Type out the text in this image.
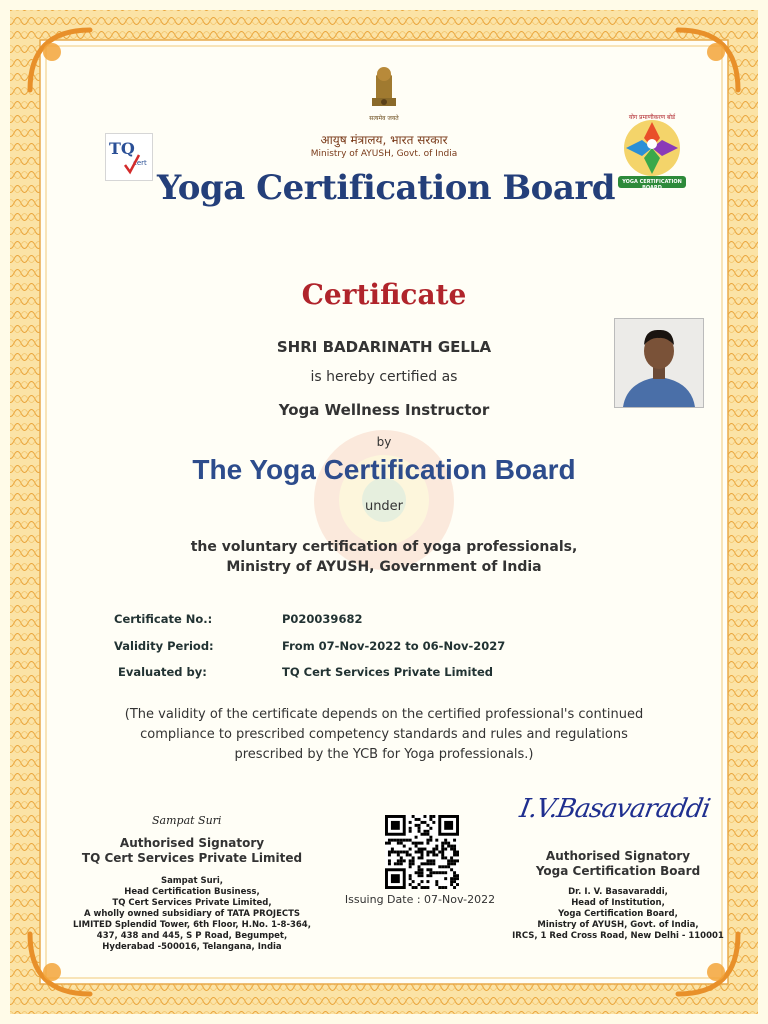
सत्यमेव जयते
आयुष मंत्रालय, भारत सरकार
Ministry of AYUSH, Govt. of India
TQ
cert
योग प्रमाणीकरण बोर्ड
YOGA CERTIFICATION BOARD
Yoga Certification Board
Certificate
SHRI BADARINATH GELLA
is hereby certified as
Yoga Wellness Instructor
by
The Yoga Certification Board
under
the voluntary certification of yoga professionals,
Ministry of AYUSH, Government of India
Certificate No.:	P020039682
Validity Period:	From 07-Nov-2022 to 06-Nov-2027
Evaluated by:	TQ Cert Services Private Limited
(The validity of the certificate depends on the certified professional's continued
compliance to prescribed competency standards and rules and regulations
prescribed by the YCB for Yoga professionals.)
Sampat Suri
Authorised Signatory
TQ Cert Services Private Limited
Sampat Suri,
Head Certification Business,
TQ Cert Services Private Limited,
A wholly owned subsidiary of TATA PROJECTS
LIMITED Splendid Tower, 6th Floor, H.No. 1-8-364,
437, 438 and 445, S P Road, Begumpet,
Hyderabad -500016, Telangana, India
Issuing Date : 07-Nov-2022
I.V.Basavaraddi
Authorised Signatory
Yoga Certification Board
Dr. I. V. Basavaraddi,
Head of Institution,
Yoga Certification Board,
Ministry of AYUSH, Govt. of India,
IRCS, 1 Red Cross Road, New Delhi - 110001
